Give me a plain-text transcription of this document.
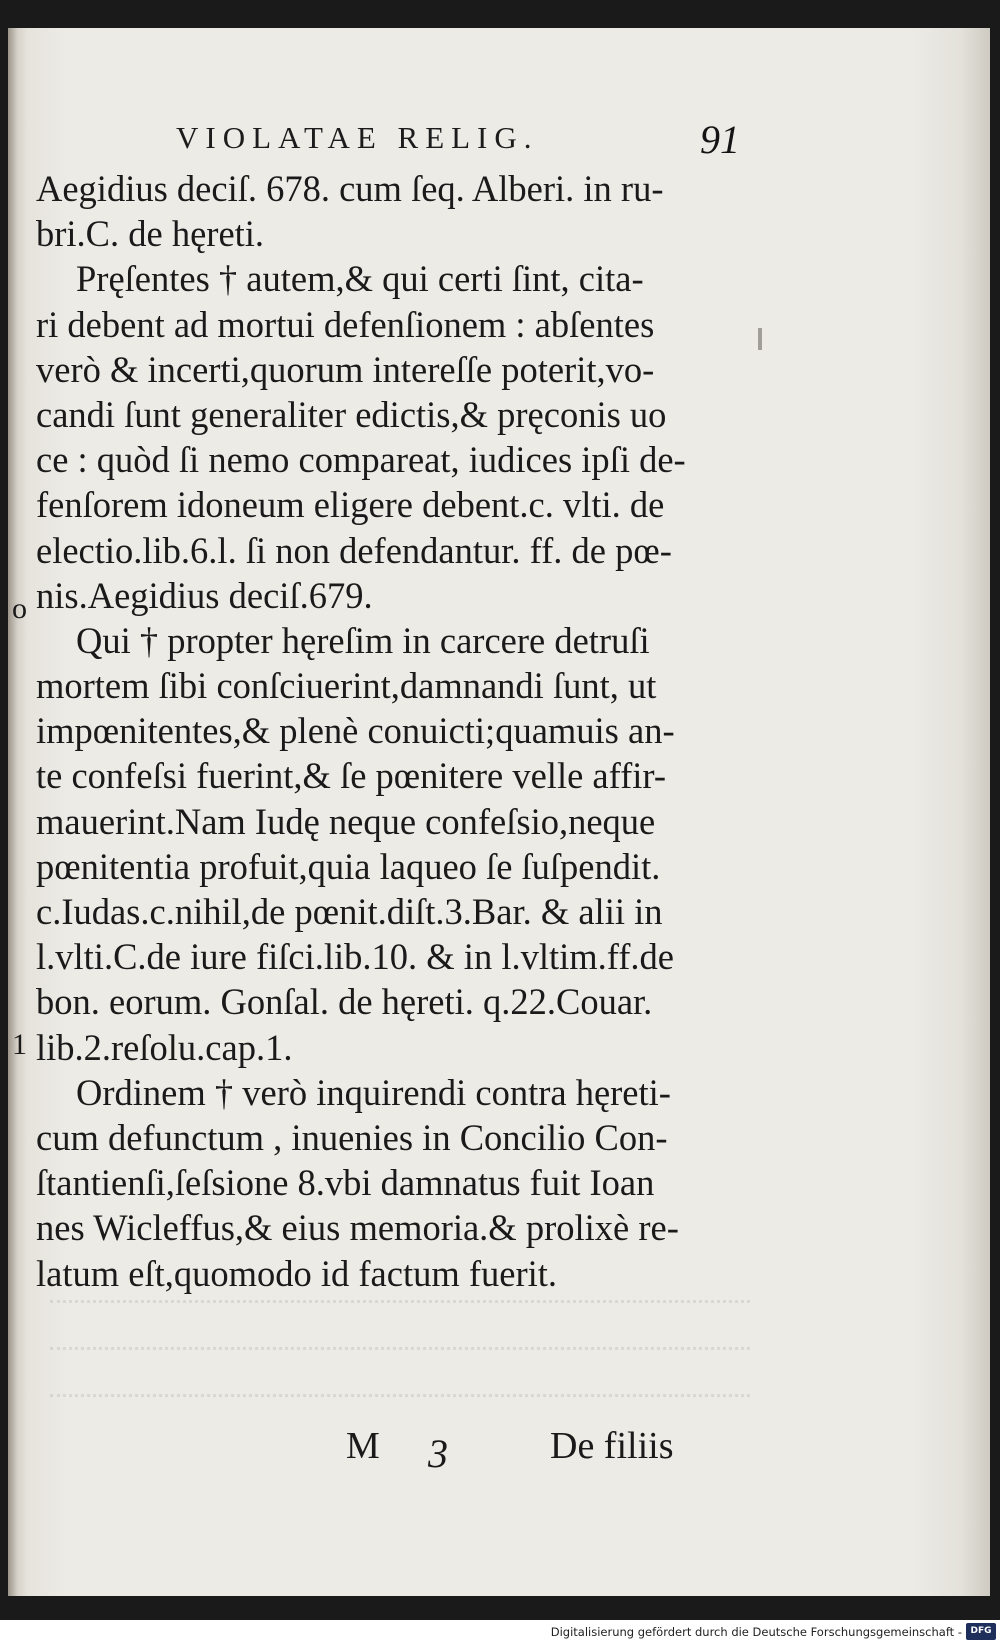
VIOLATAE RELIG.	91
o
1
Aegidius deciſ. 678. cum ſeq. Alberi. in ru-
bri.C. de hęreti.
Pręſentes † autem,& qui certi ſint, cita-
ri debent ad mortui defenſionem : abſentes
verò & incerti,quorum intereſſe poterit,vo-
candi ſunt generaliter edictis,& pręconis uo
ce : quòd ſi nemo compareat, iudices ipſi de-
fenſorem idoneum eligere debent.c. vlti. de
electio.lib.6.l. ſi non defendantur. ff. de pœ-
nis.Aegidius deciſ.679.
Qui † propter hęreſim in carcere detruſi
mortem ſibi conſciuerint,damnandi ſunt, ut
impœnitentes,& plenè conuicti;quamuis an-
te confeſsi fuerint,& ſe pœnitere velle affir-
mauerint.Nam Iudę neque confeſsio,neque
pœnitentia profuit,quia laqueo ſe ſuſpendit.
c.Iudas.c.nihil,de pœnit.diſt.3.Bar. & alii in
l.vlti.C.de iure fiſci.lib.10. & in l.vltim.ff.de
bon. eorum. Gonſal. de hęreti. q.22.Couar.
lib.2.reſolu.cap.1.
Ordinem † verò inquirendi contra hęreti-
cum defunctum , inuenies in Concilio Con-
ſtantienſi,ſeſsione 8.vbi damnatus fuit Ioan
nes Wicleffus,& eius memoria.& prolixè re-
latum eſt,quomodo id factum fuerit.
M 3	De filiis
Digitalisierung gefördert durch die Deutsche Forschungsgemeinschaft - DFG
